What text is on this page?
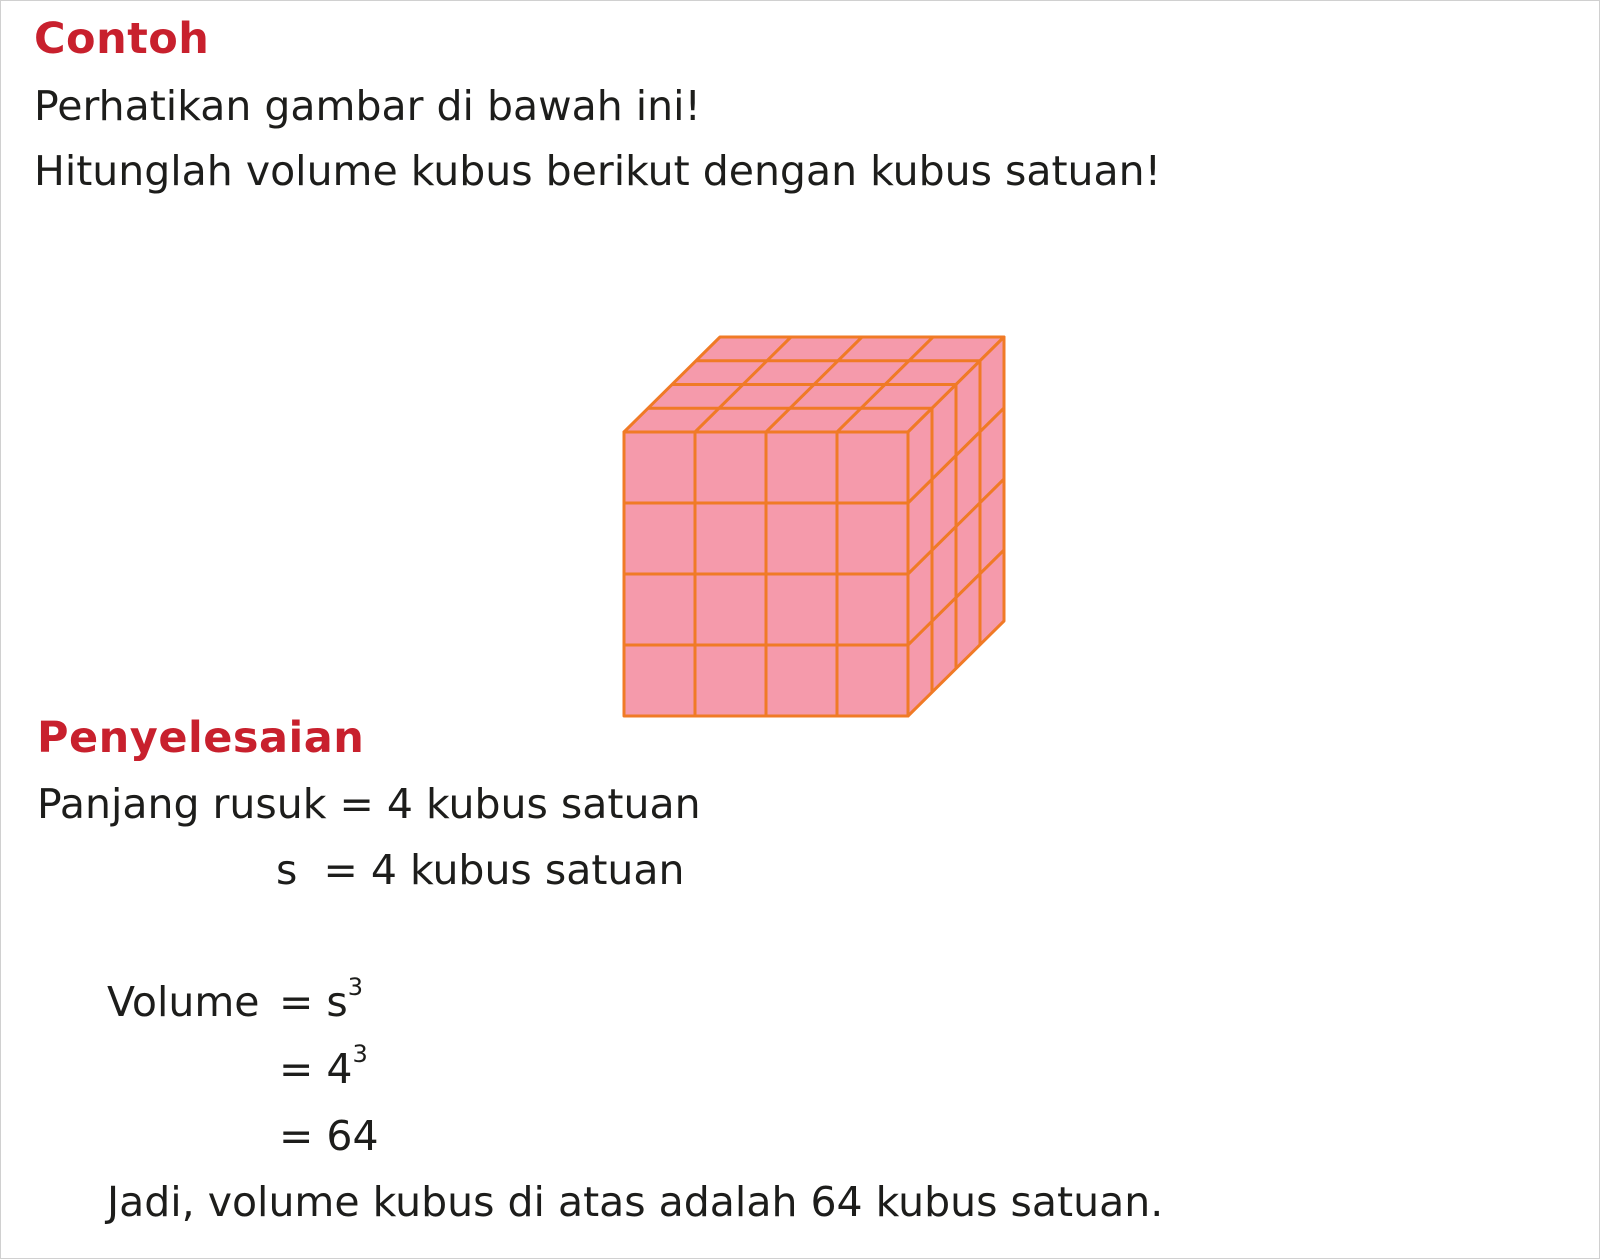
Contoh
Perhatikan gambar di bawah ini!
Hitunglah volume kubus berikut dengan kubus satuan!
Penyelesaian
Panjang rusuk = 4 kubus satuan
s = 4 kubus satuan
Volume = $s^3$
= $4^3$
= 64
Jadi, volume kubus di atas adalah 64 kubus satuan.
